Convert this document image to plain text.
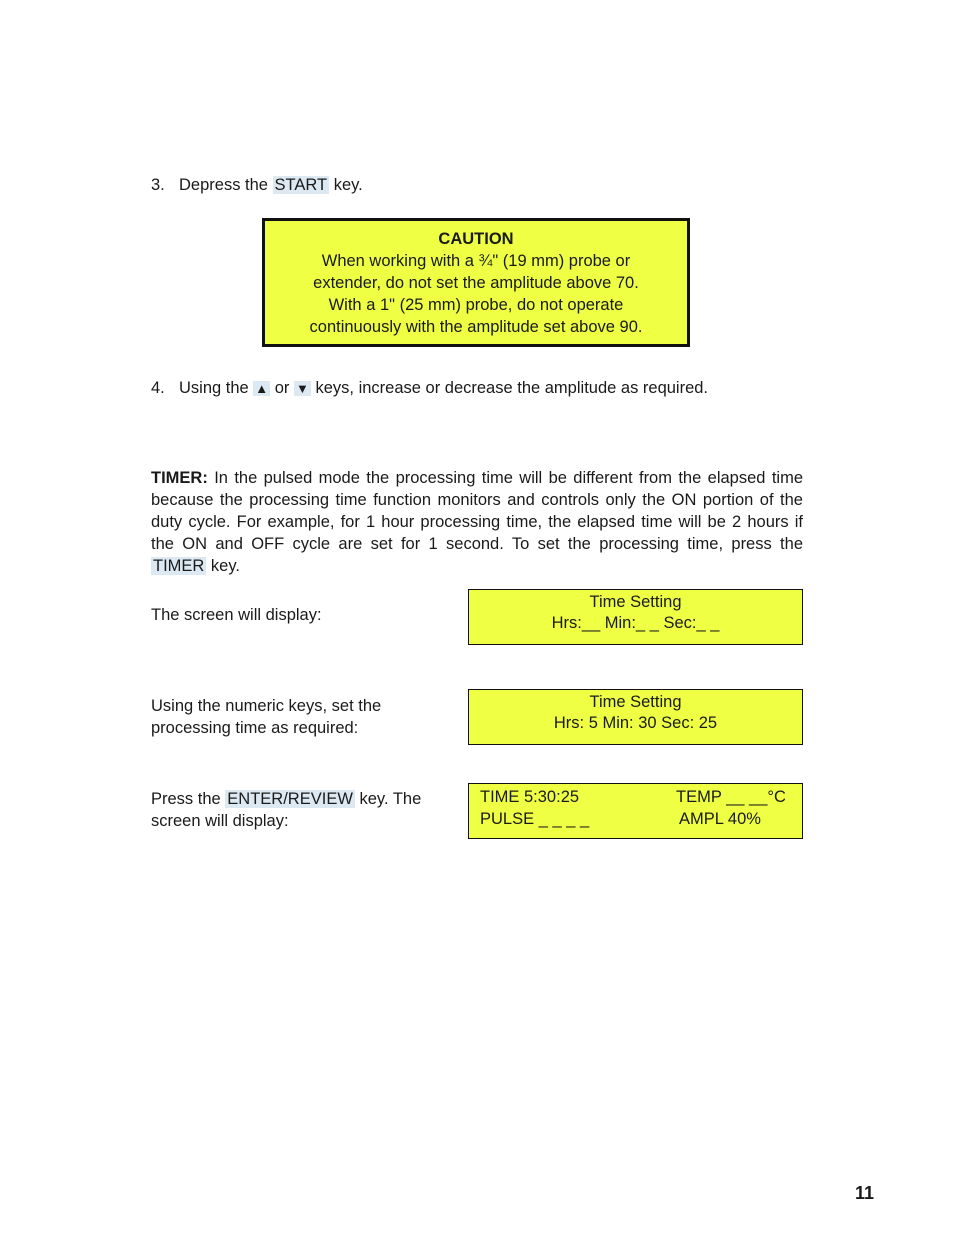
3. Depress the START key.
CAUTION
When working with a ¾" (19 mm) probe or
extender, do not set the amplitude above 70.
With a 1" (25 mm) probe, do not operate
continuously with the amplitude set above 90.
4. Using the ▲ or ▼ keys, increase or decrease the amplitude as required.
TIMER: In the pulsed mode the processing time will be different from the elapsed time because the processing time function monitors and controls only the ON portion of the duty cycle. For example, for 1 hour processing time, the elapsed time will be 2 hours if the ON and OFF cycle are set for 1 second. To set the processing time, press the TIMER key.
The screen will display:
Time Setting
Hrs:__ Min:_ _ Sec:_ _
Using the numeric keys, set the
processing time as required:
Time Setting
Hrs: 5 Min: 30 Sec: 25
Press the ENTER/REVIEW key. The
screen will display:
TIME 5:30:25	TEMP __ __°C
PULSE _ _ _ _	AMPL 40%
11
